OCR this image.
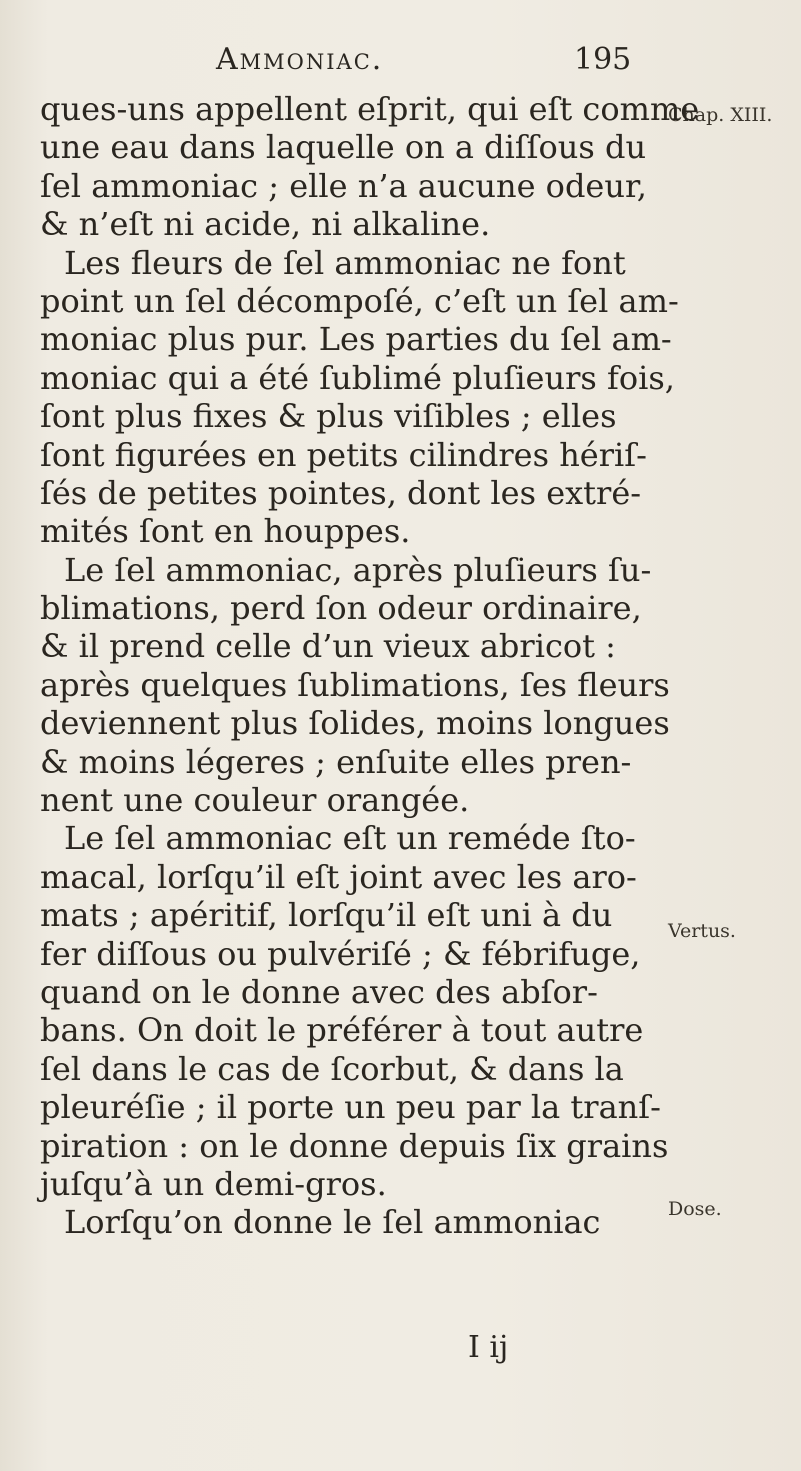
Ammoniac.	195
Chap. XIII.
Vertus.
Dose.
ques-uns appellent eſprit, qui eſt comme
une eau dans laquelle on a diſſous du
ſel ammoniac ; elle n’a aucune odeur,
& n’eſt ni acide, ni alkaline.
Les fleurs de ſel ammoniac ne font
point un ſel décompoſé, c’eſt un ſel am-
moniac plus pur. Les parties du ſel am-
moniac qui a été ſublimé pluſieurs fois,
ſont plus fixes & plus viſibles ; elles
ſont figurées en petits cilindres hériſ-
ſés de petites pointes, dont les extré-
mités ſont en houppes.
Le ſel ammoniac, après pluſieurs ſu-
blimations, perd ſon odeur ordinaire,
& il prend celle d’un vieux abricot :
après quelques ſublimations, ſes fleurs
deviennent plus ſolides, moins longues
& moins légeres ; enſuite elles pren-
nent une couleur orangée.
Le ſel ammoniac eſt un reméde ſto-
macal, lorſqu’il eſt joint avec les aro-
mats ; apéritif, lorſqu’il eſt uni à du
fer diſſous ou pulvériſé ; & fébrifuge,
quand on le donne avec des abſor-
bans. On doit le préférer à tout autre
ſel dans le cas de ſcorbut, & dans la
pleuréſie ; il porte un peu par la tranſ-
piration : on le donne depuis ſix grains
juſqu’à un demi-gros.
Lorſqu’on donne le ſel ammoniac
I ij
